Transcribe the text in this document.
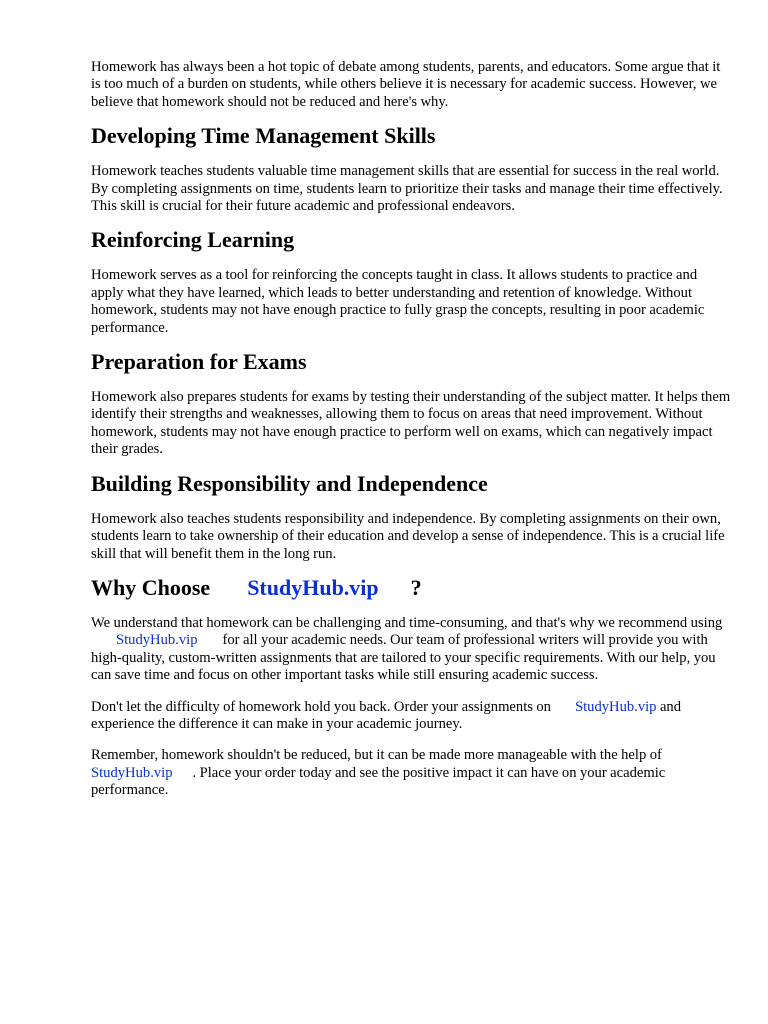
Homework has always been a hot topic of debate among students, parents, and educators. Some argue that it is too much of a burden on students, while others believe it is necessary for academic success. However, we believe that homework should not be reduced and here's why.

Developing Time Management Skills

Homework teaches students valuable time management skills that are essential for success in the real world. By completing assignments on time, students learn to prioritize their tasks and manage their time effectively. This skill is crucial for their future academic and professional endeavors.

Reinforcing Learning

Homework serves as a tool for reinforcing the concepts taught in class. It allows students to practice and apply what they have learned, which leads to better understanding and retention of knowledge. Without homework, students may not have enough practice to fully grasp the concepts, resulting in poor academic performance.

Preparation for Exams

Homework also prepares students for exams by testing their understanding of the subject matter. It helps them identify their strengths and weaknesses, allowing them to focus on areas that need improvement. Without homework, students may not have enough practice to perform well on exams, which can negatively impact their grades.

Building Responsibility and Independence

Homework also teaches students responsibility and independence. By completing assignments on their own, students learn to take ownership of their education and develop a sense of independence. This is a crucial life skill that will benefit them in the long run.

Why Choose StudyHub.vip ?

We understand that homework can be challenging and time-consuming, and that's why we recommend usingStudyHub.vip for all your academic needs. Our team of professional writers will provide you with high-quality, custom-written assignments that are tailored to your specific requirements. With our help, you can save time and focus on other important tasks while still ensuring academic success.

Don't let the difficulty of homework hold you back. Order your assignments on StudyHub.vip and experience the difference it can make in your academic journey.

Remember, homework shouldn't be reduced, but it can be made more manageable with the help of StudyHub.vip . Place your order today and see the positive impact it can have on your academic performance.
